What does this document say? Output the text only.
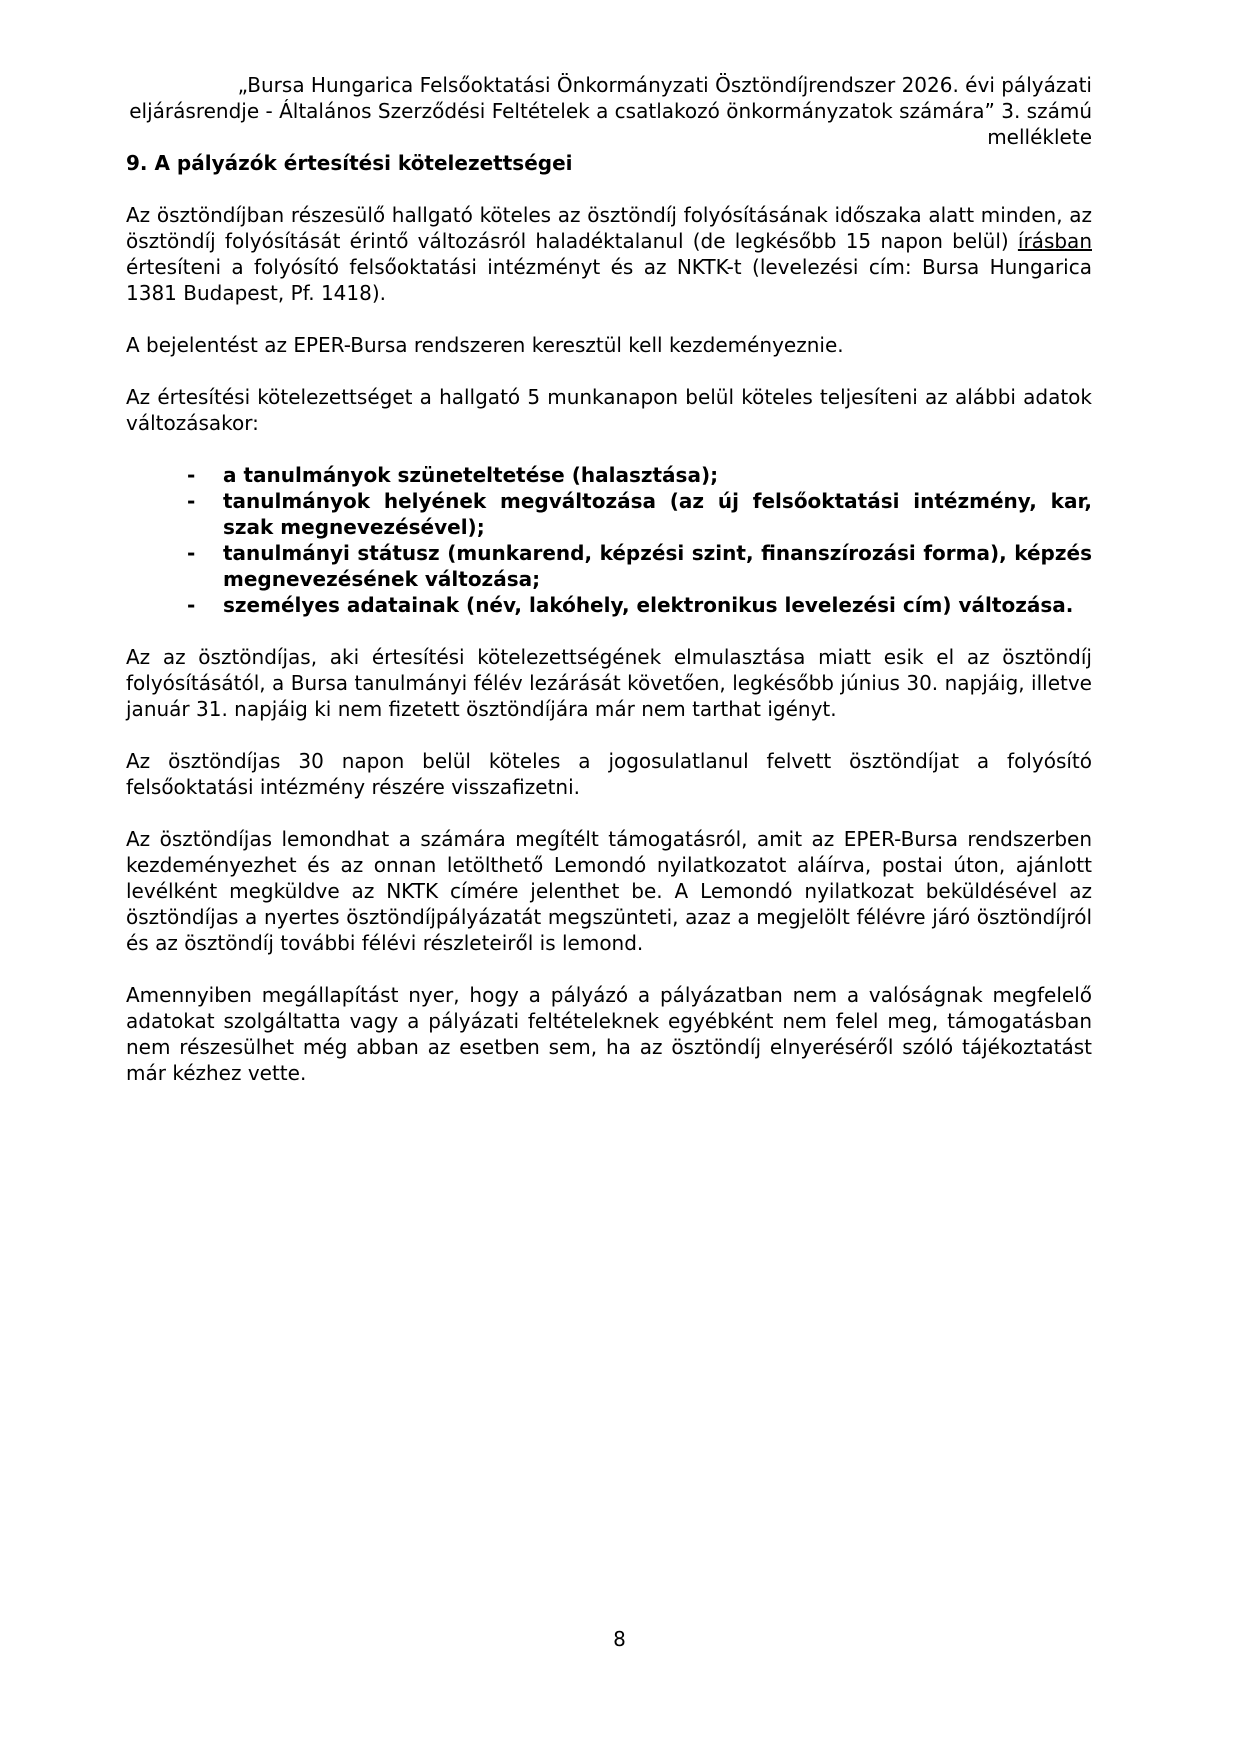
„Bursa Hungarica Felsőoktatási Önkormányzati Ösztöndíjrendszer 2026. évi pályázati eljárásrendje - Általános Szerződési Feltételek a csatlakozó önkormányzatok számára” 3. számú melléklete
9. A pályázók értesítési kötelezettségei

Az ösztöndíjban részesülő hallgató köteles az ösztöndíj folyósításának időszaka alatt minden, az ösztöndíj folyósítását érintő változásról haladéktalanul (de legkésőbb 15 napon belül) írásban értesíteni a folyósító felsőoktatási intézményt és az NKTK-t (levelezési cím: Bursa Hungarica 1381 Budapest, Pf. 1418).

A bejelentést az EPER-Bursa rendszeren keresztül kell kezdeményeznie.

Az értesítési kötelezettséget a hallgató 5 munkanapon belül köteles teljesíteni az alábbi adatok változásakor:

- a tanulmányok szüneteltetése (halasztása);
- tanulmányok helyének megváltozása (az új felsőoktatási intézmény, kar, szak megnevezésével);
- tanulmányi státusz (munkarend, képzési szint, finanszírozási forma), képzés megnevezésének változása;
- személyes adatainak (név, lakóhely, elektronikus levelezési cím) változása.

Az az ösztöndíjas, aki értesítési kötelezettségének elmulasztása miatt esik el az ösztöndíj folyósításától, a Bursa tanulmányi félév lezárását követően, legkésőbb június 30. napjáig, illetve január 31. napjáig ki nem fizetett ösztöndíjára már nem tarthat igényt.

Az ösztöndíjas 30 napon belül köteles a jogosulatlanul felvett ösztöndíjat a folyósító felsőoktatási intézmény részére visszafizetni.

Az ösztöndíjas lemondhat a számára megítélt támogatásról, amit az EPER-Bursa rendszerben kezdeményezhet és az onnan letölthető Lemondó nyilatkozatot aláírva, postai úton, ajánlott levélként megküldve az NKTK címére jelenthet be. A Lemondó nyilatkozat beküldésével az ösztöndíjas a nyertes ösztöndíjpályázatát megszünteti, azaz a megjelölt félévre járó ösztöndíjról és az ösztöndíj további félévi részleteiről is lemond.

Amennyiben megállapítást nyer, hogy a pályázó a pályázatban nem a valóságnak megfelelő adatokat szolgáltatta vagy a pályázati feltételeknek egyébként nem felel meg, támogatásban nem részesülhet még abban az esetben sem, ha az ösztöndíj elnyeréséről szóló tájékoztatást már kézhez vette.

8
